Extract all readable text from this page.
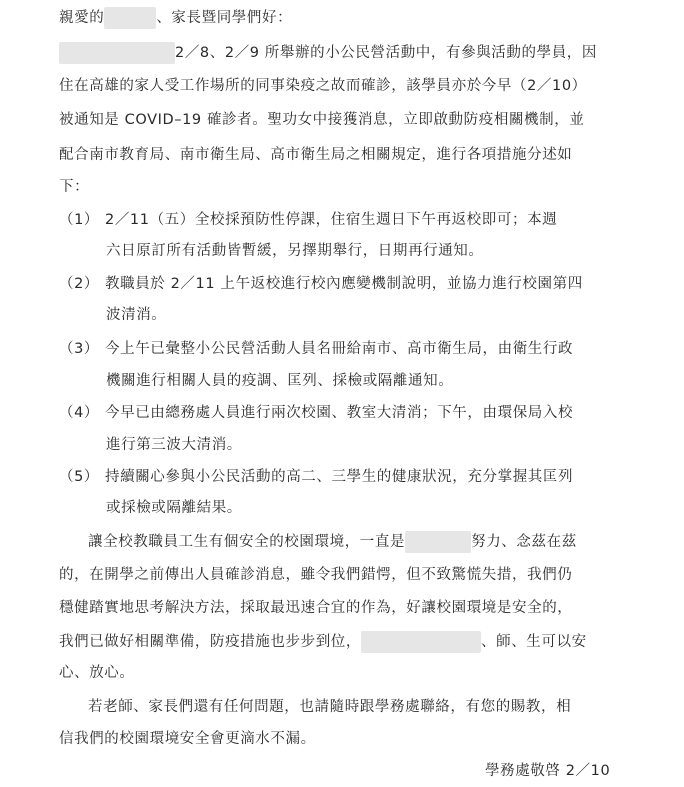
親愛的	、家長暨同學們好：
2／8、2／9 所舉辦的小公民營活動中，有參與活動的學員，因
住在高雄的家人受工作場所的同事染疫之故而確診，該學員亦於今早（2／10）
被通知是 COVID–19 確診者。聖功女中接獲消息，立即啟動防疫相關機制，並
配合南市教育局、南市衛生局、高市衛生局之相關規定，進行各項措施分述如
下：
（1） 2／11（五）全校採預防性停課，住宿生週日下午再返校即可；本週
六日原訂所有活動皆暫緩，另擇期舉行，日期再行通知。
（2） 教職員於 2／11 上午返校進行校內應變機制說明，並協力進行校園第四
波清消。
（3） 今上午已彙整小公民營活動人員名冊給南市、高市衛生局，由衛生行政
機關進行相關人員的疫調、匡列、採檢或隔離通知。
（4） 今早已由總務處人員進行兩次校園、教室大清消；下午，由環保局入校
進行第三波大清消。
（5） 持續關心參與小公民活動的高二、三學生的健康狀況，充分掌握其匡列
或採檢或隔離結果。
讓全校教職員工生有個安全的校園環境，一直是	努力、念茲在茲
的，在開學之前傳出人員確診消息，雖令我們錯愕，但不致驚慌失措，我們仍
穩健踏實地思考解決方法，採取最迅速合宜的作為，好讓校園環境是安全的，
我們已做好相關準備，防疫措施也步步到位，	、師、生可以安
心、放心。
若老師、家長們還有任何問題，也請隨時跟學務處聯絡，有您的賜教，相
信我們的校園環境安全會更滴水不漏。
學務處敬啓 2／10
